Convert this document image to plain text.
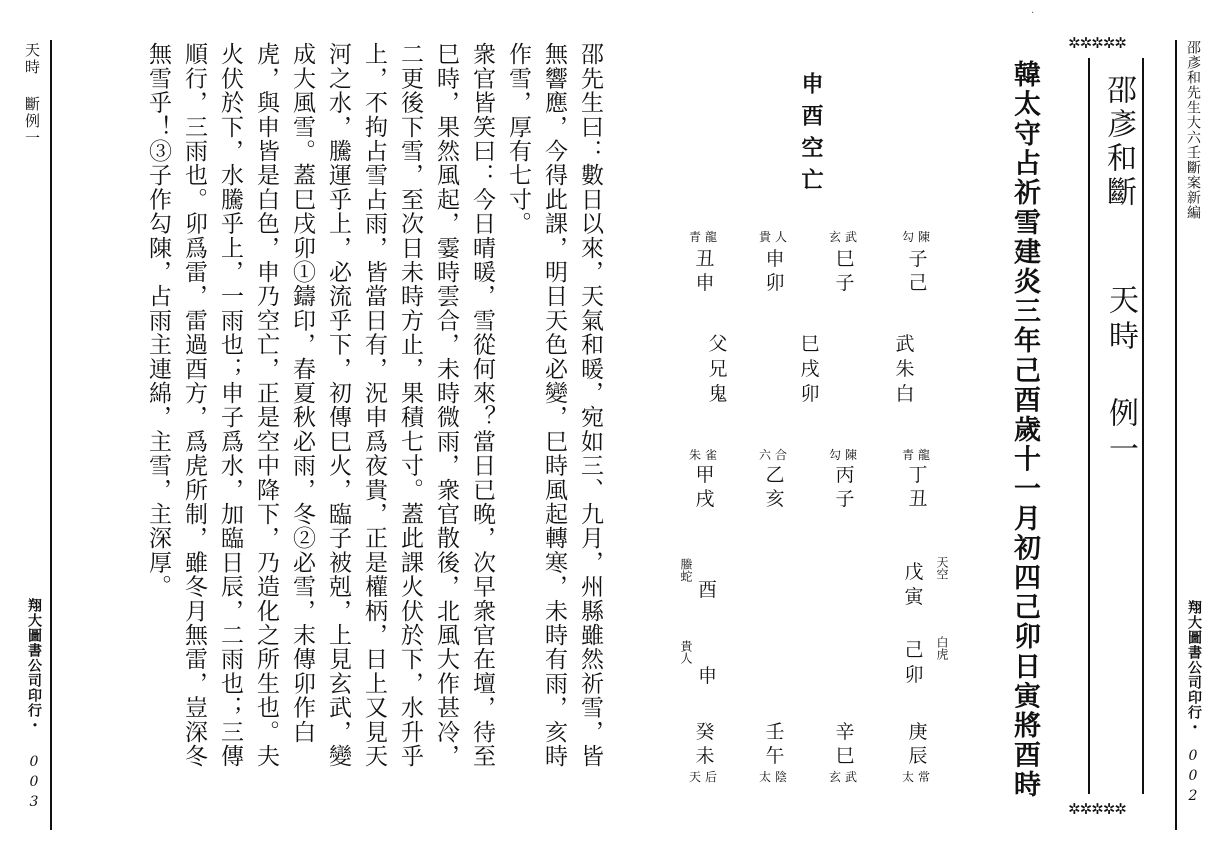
天時 斷例一
翔大圖書公司印行・
003
邵先生曰：數日以來，天氣和暖，宛如三、九月，州縣雖然祈雪，皆
無響應，今得此課，明日天色必變，巳時風起轉寒，未時有雨，亥時
作雪，厚有七寸。
衆官皆笑曰：今日晴暖，雪從何來？當日已晚，次早衆官在壇，待至
巳時，果然風起，霎時雲合，未時微雨，衆官散後，北風大作甚冷，
二更後下雪，至次日未時方止，果積七寸。蓋此課火伏於下，水升乎
上，不拘占雪占雨，皆當日有，況申爲夜貴，正是權柄，日上又見天
河之水，騰運乎上，必流乎下，初傳巳火，臨子被剋，上見玄武，變
成大風雪。蓋巳戌卯①鑄印，春夏秋必雨，冬②必雪，末傳卯作白
虎，與申皆是白色，申乃空亡，正是空中降下，乃造化之所生也。夫
火伏於下，水騰乎上，一雨也；申子爲水，加臨日辰，二雨也；三傳
順行，三雨也。卯爲雷，雷過酉方，爲虎所制，雖冬月無雷，豈深冬
無雪乎！③子作勾陳，占雨主連綿，主雪，主深厚。
·
邵彥和先生大六壬斷案新編
翔大圖書公司印行・
002
✲✲✲✲✲
✲✲✲✲✲
邵彥和斷
天時 例一
韓太守占祈雪建炎三年己酉歲十一月初四己卯日寅將酉時
申酉空亡
勾陳
子
己
玄武
巳
子
貴人
申
卯
青龍
丑
申
武
朱
白
巳
戌
卯
父
兄
鬼
青龍
丁
丑
勾陳
丙
子
六合
乙
亥
朱雀
甲
戌
戊
寅
天空
己
卯
白虎
螣蛇
酉
貴人
申
庚
辰
太常
辛
巳
玄武
壬
午
太陰
癸
未
天后
